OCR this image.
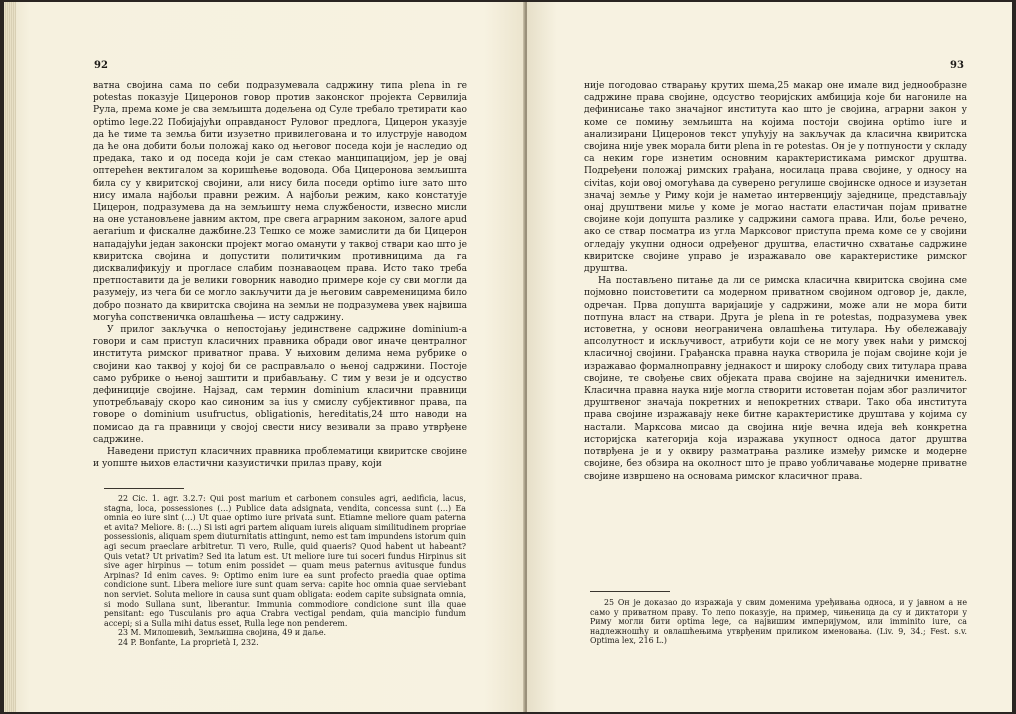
92

ватна својина сама по себи подразумевала садржину типа plena in re potestas показује Цицеронов говор против законског пројекта Сервилија Рула, према коме је сва земљишта додељена од Суле требало третирати као optimo lege.22 Побијајући оправданост Руловог предлога, Цицерон указује да ће тиме та земља бити изузетно привилегована и то илуструје наводом да ће она добити бољи положај како од његовог поседа који је наследио од предака, тако и од поседа који је сам стекао манципацијом, јер је овај оптерећен вектигалом за коришћење водовода. Оба Цицеронова земљишта била су у квиритској својини, али нису била поседи optimo iure зато што нису имала најбољи правни режим. А најбољи режим, како констатује Цицерон, подразумева да на земљишту нема службености, извесно мисли на оне установљене јавним актом, пре свега аграрним законом, залоге apud aerarium и фискалне дажбине.23 Тешко се може замислити да би Цицерон нападајући један законски пројект могао оманути у таквој ствари као што је квиритска својина и допустити политичким противницима да га дисквалификују и прогласе слабим познаваоцем права. Исто тако треба претпоставити да је велики говорник наводио примере које су сви могли да разумеју, из чега би се могло закључити да је његовим савременицима било добро познато да квиритска својина на земљи не подразумева увек највиша могућа сопственичка овлашћења — исту садржину.

У прилог закључка о непостојању јединствене садржине dominium-а говори и сам приступ класичних правника обради овог иначе централног института римског приватног права. У њиховим делима нема рубрике о својини као таквој у којој би се расправљало о њеној садржини. Постоје само рубрике о њеној заштити и прибављању. С тим у вези је и одсуство дефиниције својине. Најзад, сам термин dominium класични правници употребљавају скоро као синоним за ius у смислу субјективног права, па говоре о dominium usufructus, obligationis, hereditatis,24 што наводи на помисао да га правници у својој свести нису везивали за право утврђене садржине.

Наведени приступ класичних правника проблематици квиритске својине и уопште њихов еластични казуистички прилаз праву, који

22 Cic. 1. agr. 3.2.7: Qui post marium et carbonem consules agri, aedificia, lacus, stagna, loca, possessiones (…) Publice data adsignata, vendita, concessa sunt (…) Ea omnia eo iure sint (…) Ut quae optimo iure privata sunt. Etiamne meliore quam paterna et avita? Meliore. 8: (…) Si isti agri partem aliquam iureis aliquam similitudinem propriae possessionis, aliquam spem diuturnitatis attingunt, nemo est tam impundens istorum quin agi secum praeclare arbitretur. Ti vero, Rulle, quid quaeris? Quod habent ut habeant? Quis vetat? Ut privatim? Sed ita latum est. Ut meliore iure tui soceri fundus Hirpinus sit sive ager hirpinus — totum enim possidet — quam meus paternus avitusque fundus Arpinas? Id enim caves. 9: Optimo enim iure ea sunt profecto praedia quae optima condicione sunt. Libera meliore iure sunt quam serva: capite hoc omnia quae serviebant non serviet. Soluta meliore in causa sunt quam obligata: eodem capite subsignata omnia, si modo Sullana sunt, liberantur. Immunia commodiore condicione sunt illa quae pensitant: ego Tusculanis pro aqua Crabra vectigal pendam, quia mancipio fundum accepi; si a Sulla mihi datus esset, Rulla lege non penderem.

23 М. Милошевић, Земљишна својина, 49 и даље.

24 P. Bonfante, La proprietà I, 232.

93

није погодовао стварању крутих шема,25 макар оне имале вид једнообразне садржине права својине, одсуство теоријских амбиција које би нагониле на дефинисање тако значајног института као што је својина, аграрни закон у коме се помињу земљишта на којима постоји својина optimo iure и анализирани Цицеронов текст упућују на закључак да класична квиритска својина није увек морала бити plena in re potestas. Он је у потпуности у складу са неким горе изнетим основним карактеристикама римског друштва. Подређени положај римских грађана, носилаца права својине, у односу на civitas, који овој омогућава да суверено регулише својинске односе и изузетан значај земље у Риму који је наметао интервенцију заједнице, представљају онај друштвени миље у коме је могао настати еластичан појам приватне својине који допушта разлике у садржини самога права. Или, боље речено, ако се ствар посматра из угла Марксовог приступа према коме се у својини огледају укупни односи одређеног друштва, еластично схватање садржине квиритске својине управо је изражавало ове карактеристике римског друштва.

На постављено питање да ли се римска класична квиритска својина сме појмовно поистоветити са модерном приватном својином одговор је, дакле, одречан. Прва допушта варијације у садржини, може али не мора бити потпуна власт на ствари. Друга је plena in re potestas, подразумева увек истоветна, у основи неограничена овлашћења титулара. Њу обележавају апсолутност и искључивост, атрибути који се не могу увек наћи у римској класичној својини. Грађанска правна наука створила је појам својине који је изражавао формалноправну једнакост и широку слободу свих титулара права својине, те свођење свих објеката права својине на заједнички именитељ. Класична правна наука није могла створити истоветан појам због различитог друштвеног значаја покретних и непокретних ствари. Тако оба института права својине изражавају неке битне карактеристике друштава у којима су настали. Марксова мисао да својина није вечна идеја већ конкретна историјска категорија која изражава укупност односа датог друштва потврђена је и у оквиру разматрања разлике између римске и модерне својине, без обзира на околност што је право уобличавање модерне приватне својине извршено на основама римског класичног права.

25 Он је доказао до изражаја у свим доменима уређивања односа, и у јавном а не само у приватном праву. То лепо показује, на пример, чињеница да су и диктатори у Риму могли бити optima lege, са највишим империјумом, или imminito iure, са надлежношћу и овлашћењима утврђеним приликом именовања. (Liv. 9, 34.; Fest. s.v. Optima lex, 216 L.)
